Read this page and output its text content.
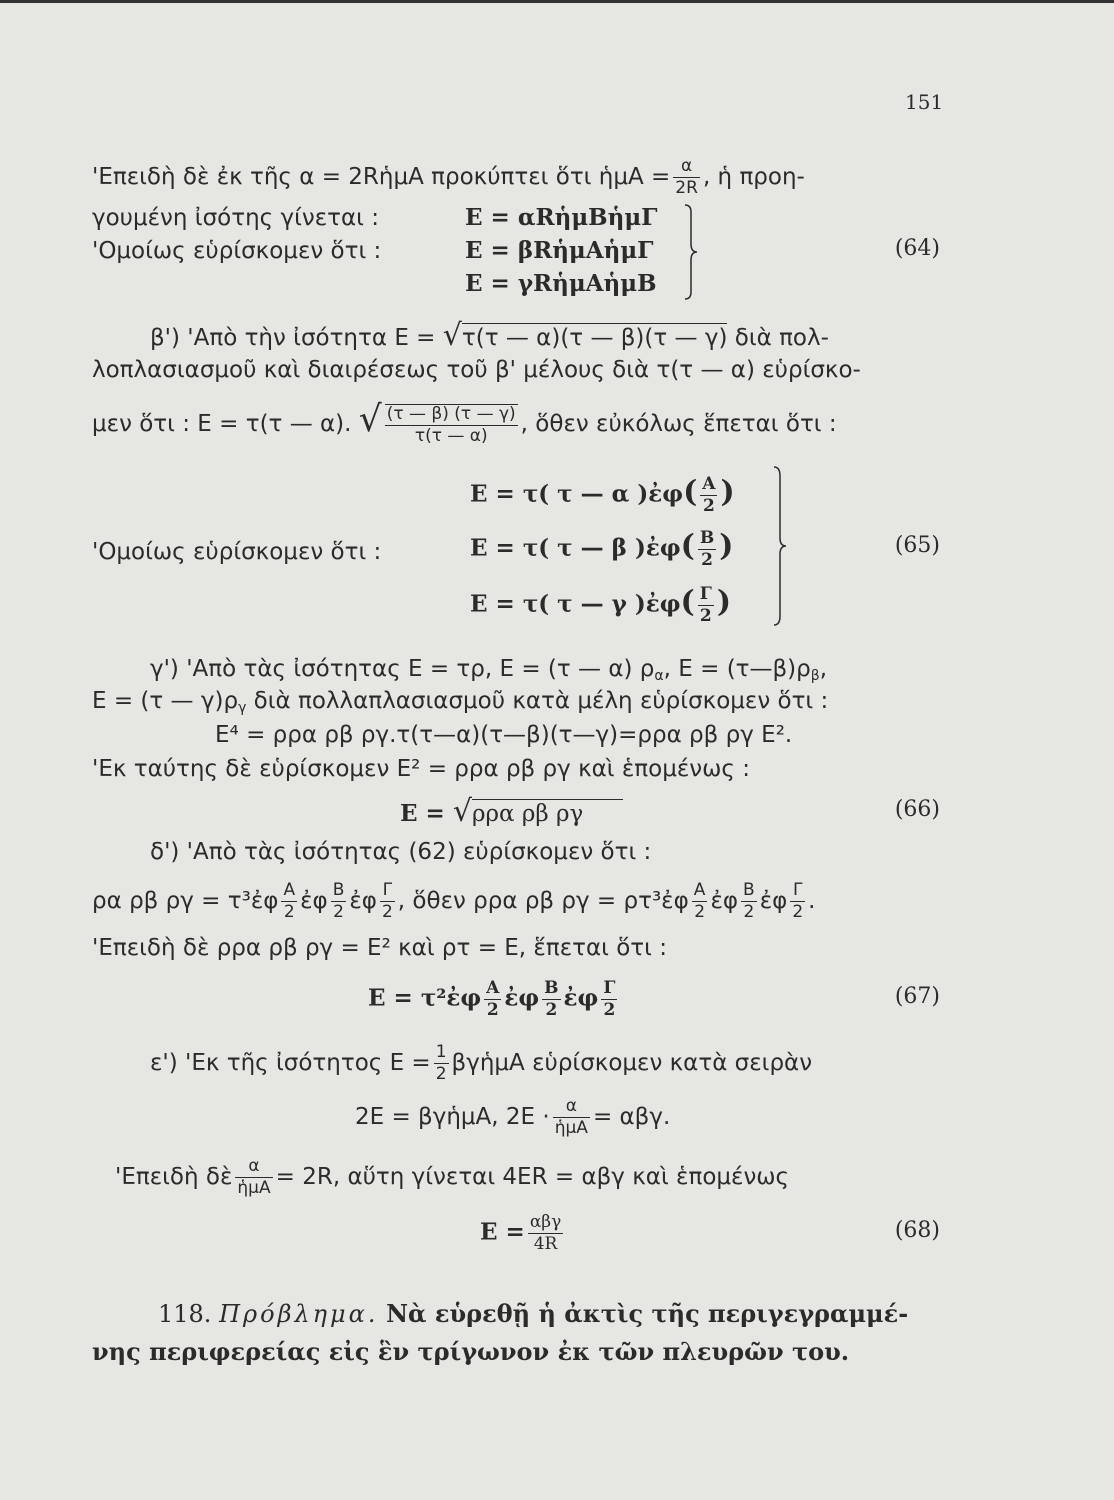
151
'Επειδὴ δὲ ἐκ τῆς α = 2RἡμΑ προκύπτει ὅτι ἡμΑ = $\frac{\alpha}{2R}$ , ἡ προη-
γουμένη ἰσότης γίνεται :	E = αRἡμΒἡμΓ
'Ομοίως εὑρίσκομεν ὅτι :	E = βRἡμΑἡμΓ
E = γRἡμΑἡμΒ
(64)
β') 'Απὸ τὴν ἰσότητα E = √τ(τ — α)(τ — β)(τ — γ) διὰ πολ-
λοπλασιασμοῦ καὶ διαιρέσεως τοῦ β' μέλους διὰ τ(τ — α) εὑρίσκο-
μεν ὅτι : E = τ(τ — α). √ $\frac{(\tau — \beta) (\tau — \gamma)}{\tau(\tau — \alpha)}$ , ὅθεν εὐκόλως ἕπεται ὅτι :
E = τ( τ — α )ἐφ( $\frac{A}{2}$ )
'Ομοίως εὑρίσκομεν ὅτι :	E = τ( τ — β )ἐφ( $\frac{B}{2}$ )
E = τ( τ — γ )ἐφ( $\frac{\Gamma}{2}$ )
(65)
γ') 'Απὸ τὰς ἰσότητας E = τρ, E = (τ — α) $\rho_\alpha$, $E = (\tau—\beta)\rho_\beta$,
E = (τ — $\gamma)\rho_\gamma$ διὰ πολλαπλασιασμοῦ κατὰ μέλη εὑρίσκομεν ὅτι :
E⁴ = ρρα ρβ ργ.τ(τ—α)(τ—β)(τ—γ)=ρρα ρβ ργ E².
'Εκ ταύτης δὲ εὑρίσκομεν E² = ρρα ρβ ργ καὶ ἑπομένως :
E = √ρρα ρβ ργ	(66)
δ') 'Απὸ τὰς ἰσότητας (62) εὑρίσκομεν ὅτι :
ρα ρβ ργ = τ³ἐφ $\frac{A}{2}$ ἐφ $\frac{B}{2}$ ἐφ $\frac{\Gamma}{2}$ , ὅθεν ρρα ρβ ργ = ρτ³ἐφ $\frac{A}{2}$ ἐφ $\frac{B}{2}$ ἐφ $\frac{\Gamma}{2}$ .
'Επειδὴ δὲ ρρα ρβ ργ = E² καὶ ρτ = E, ἕπεται ὅτι :
E = τ²ἐφ $\frac{A}{2}$ ἐφ $\frac{B}{2}$ ἐφ $\frac{\Gamma}{2}$	(67)
ε') 'Εκ τῆς ἰσότητος $E = \frac{1}{2}$ βγἡμΑ εὑρίσκομεν κατὰ σειρὰν
2E = βγἡμΑ, 2E · α
ἡμΑ = αβγ.
'Επειδὴ δὲ α
ἡμΑ = 2R, αὕτη γίνεται 4ER = αβγ καὶ ἑπομένως
E = αβγ
4R
(68)
118. Πρόβλημα. Νὰ εὑρεθῇ ἡ ἀκτὶς τῆς περιγεγραμμέ-
νης περιφερείας εἰς ἓν τρίγωνον ἐκ τῶν πλευρῶν του.
